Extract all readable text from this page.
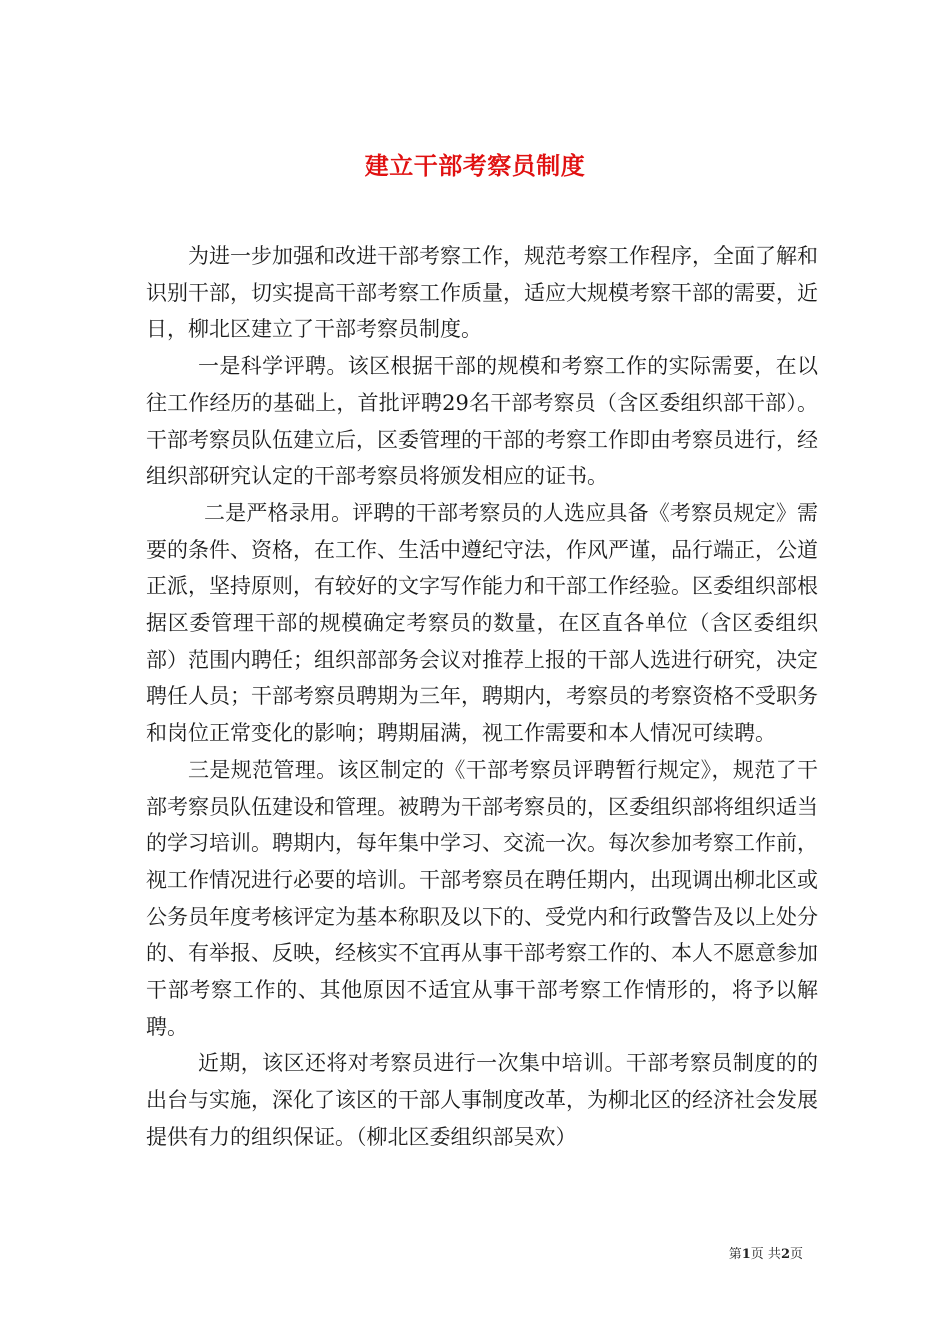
建立干部考察员制度

为进一步加强和改进干部考察工作，规范考察工作程序，全面了解和识别干部，切实提高干部考察工作质量，适应大规模考察干部的需要，近日，柳北区建立了干部考察员制度。

一是科学评聘。该区根据干部的规模和考察工作的实际需要，在以往工作经历的基础上，首批评聘29名干部考察员（含区委组织部干部）。干部考察员队伍建立后，区委管理的干部的考察工作即由考察员进行，经组织部研究认定的干部考察员将颁发相应的证书。

二是严格录用。评聘的干部考察员的人选应具备《考察员规定》需要的条件、资格，在工作、生活中遵纪守法，作风严谨，品行端正，公道正派，坚持原则，有较好的文字写作能力和干部工作经验。区委组织部根据区委管理干部的规模确定考察员的数量，在区直各单位（含区委组织部）范围内聘任；组织部部务会议对推荐上报的干部人选进行研究，决定聘任人员；干部考察员聘期为三年，聘期内，考察员的考察资格不受职务和岗位正常变化的影响；聘期届满，视工作需要和本人情况可续聘。

三是规范管理。该区制定的《干部考察员评聘暂行规定》，规范了干部考察员队伍建设和管理。被聘为干部考察员的，区委组织部将组织适当的学习培训。聘期内，每年集中学习、交流一次。每次参加考察工作前，视工作情况进行必要的培训。干部考察员在聘任期内，出现调出柳北区或公务员年度考核评定为基本称职及以下的、受党内和行政警告及以上处分的、有举报、反映，经核实不宜再从事干部考察工作的、本人不愿意参加干部考察工作的、其他原因不适宜从事干部考察工作情形的，将予以解聘。

近期，该区还将对考察员进行一次集中培训。干部考察员制度的的出台与实施，深化了该区的干部人事制度改革，为柳北区的经济社会发展提供有力的组织保证。（柳北区委组织部吴欢）

第1页 共2页
